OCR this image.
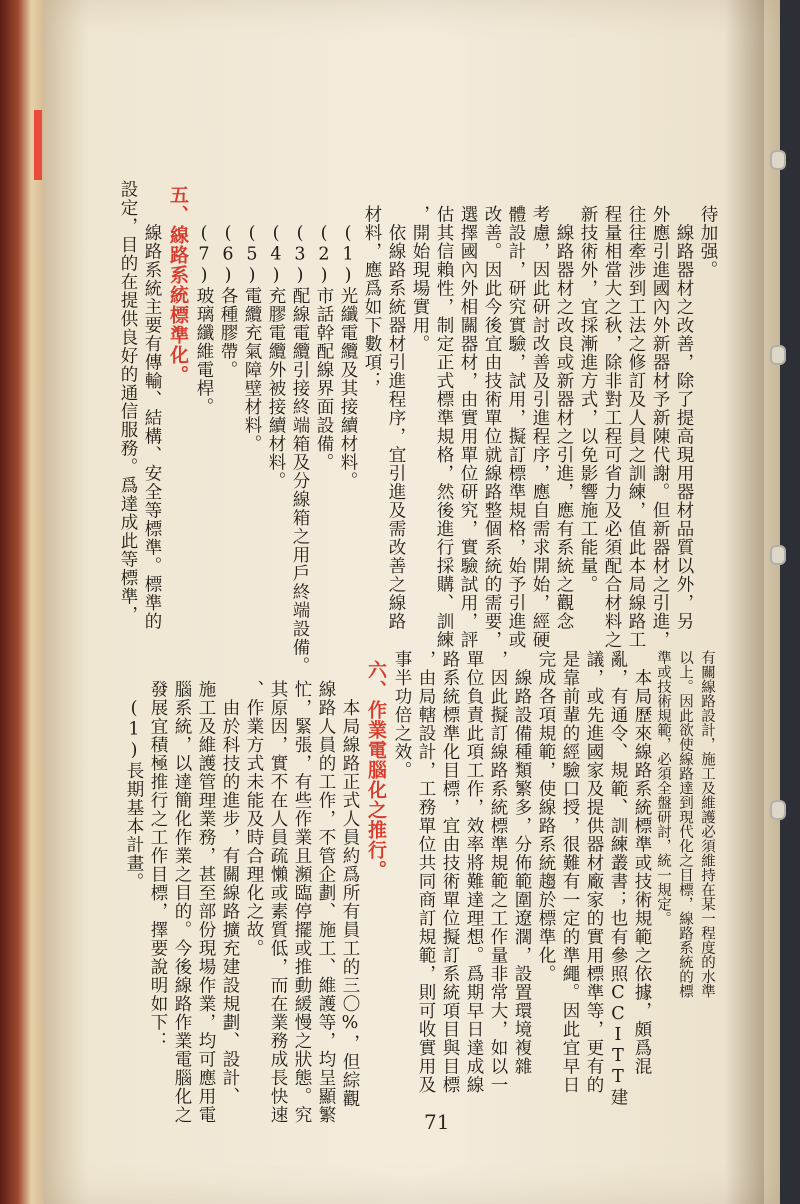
待加强。
　線路器材之改善，除了提高現用器材品質以外，另
外應引進國內外新器材予新陳代謝。但新器材之引進，
往往牽涉到工法之修訂及人員之訓練，值此本局線路工
程量相當大之秋，除非對工程可省力及必須配合材料之
新技術外，宜採漸進方式，以免影響施工能量。
　線路器材之改良或新器材之引進，應有系統之觀念
考慮，因此研討改善及引進程序，應自需求開始，經硬
體設計，研究實驗，試用，擬訂標準規格，始予引進或
改善。因此今後宜由技術單位就線路整個系統的需要，
選擇國內外相關器材，由實用單位研究，實驗試用，評
估其信賴性，制定正式標準規格，然後進行採購、訓練
，開始現場實用。
　依線路系統器材引進程序，宜引進及需改善之線路
材料，應爲如下數項；
　(1)光纖電纜及其接續材料。
　(2)市話幹配線界面設備。
　(3)配線電纜引接終端箱及分線箱之用戶終端設備。
　(4)充膠電纜外被接續材料。
　(5)電纜充氣障壁材料。
　(6)各種膠帶。
　(7)玻璃纖維電桿。
五、線路系統標準化。
　線路系統主要有傳輸、結構、安全等標準。標準的
設定，目的在提供良好的通信服務。爲達成此等標準，
有關線路設計，施工及維護必須維持在某一程度的水準
以上。因此欲使線路達到現代化之目標，線路系統的標
準或技術規範，必須全盤研討，統一規定。
　本局歷來線路系統標準或技術規範之依據，頗爲混
亂，有通令、規範、訓練叢書；也有參照CCITT建
議，或先進國家及提供器材廠家的實用標準等，更有的
是靠前輩的經驗口授，很難有一定的準繩。因此宜早日
完成各項規範，使線路系統趨於標準化。
　線路設備種類繁多，分佈範圍遼濶，設置環境複雜
，因此擬訂線路系統標準規範之工作量非常大，如以一
單位負責此項工作，效率將難達理想。爲期早日達成線
路系統標準化目標，宜由技術單位擬訂系統項目與目標
，由局轄設計，工務單位共同商訂規範，則可收實用及
事半功倍之效。
六、作業電腦化之推行。
　本局線路正式人員約爲所有員工的三〇%，但綜觀
線路人員的工作，不管企劃、施工、維護等，均呈顯繁
忙，緊張，有些作業且瀕臨停擺或推動緩慢之狀態。究
其原因，實不在人員疏懶或素質低，而在業務成長快速
、作業方式未能及時合理化之故。
　由於科技的進步，有關線路擴充建設規劃、設計、
施工及維護管理業務，甚至部份現場作業，均可應用電
腦系統，以達簡化作業之目的。今後線路作業電腦化之
發展宜積極推行之工作目標，擇要說明如下：
　(1)長期基本計畫。
71
